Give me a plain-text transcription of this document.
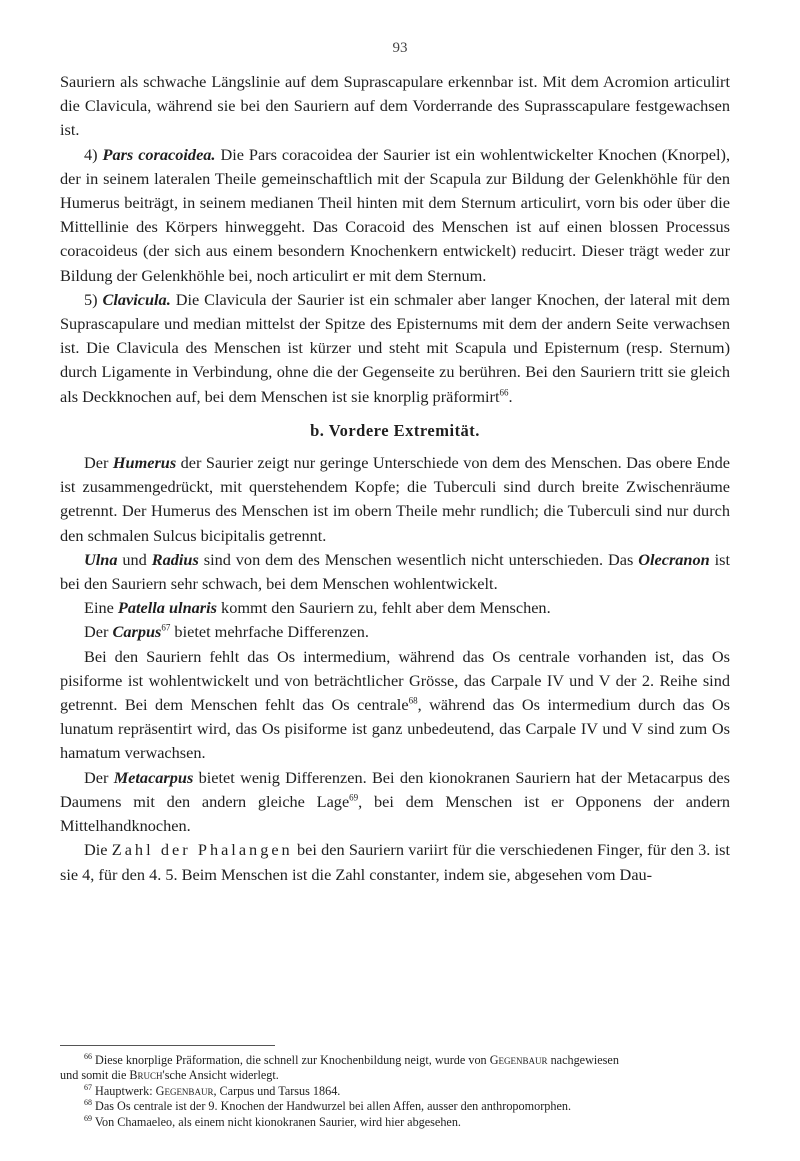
93

Sauriern als schwache Längslinie auf dem Suprascapulare erkennbar ist. Mit dem Acromion articulirt die Clavicula, während sie bei den Sauriern auf dem Vorderrande des Suprasscapulare festgewachsen ist.

4) Pars coracoidea. Die Pars coracoidea der Saurier ist ein wohlentwickelter Knochen (Knorpel), der in seinem lateralen Theile gemeinschaftlich mit der Scapula zur Bildung der Gelenkhöhle für den Humerus beiträgt, in seinem medianen Theil hinten mit dem Sternum articulirt, vorn bis oder über die Mittellinie des Körpers hinweggeht. Das Coracoid des Menschen ist auf einen blossen Processus coracoideus (der sich aus einem besondern Knochenkern entwickelt) reducirt. Dieser trägt weder zur Bildung der Gelenkhöhle bei, noch articulirt er mit dem Sternum.

5) Clavicula. Die Clavicula der Saurier ist ein schmaler aber langer Knochen, der lateral mit dem Suprascapulare und median mittelst der Spitze des Episternums mit dem der andern Seite verwachsen ist. Die Clavicula des Menschen ist kürzer und steht mit Scapula und Episternum (resp. Sternum) durch Ligamente in Verbindung, ohne die der Gegenseite zu berühren. Bei den Sauriern tritt sie gleich als Deckknochen auf, bei dem Menschen ist sie knorplig präformirt$^{66}$.

b. Vordere Extremität.

Der Humerus der Saurier zeigt nur geringe Unterschiede von dem des Menschen. Das obere Ende ist zusammengedrückt, mit querstehendem Kopfe; die Tuberculi sind durch breite Zwischenräume getrennt. Der Humerus des Menschen ist im obern Theile mehr rundlich; die Tuberculi sind nur durch den schmalen Sulcus bicipitalis getrennt.

Ulna und Radius sind von dem des Menschen wesentlich nicht unterschieden. Das Olecranon ist bei den Sauriern sehr schwach, bei dem Menschen wohlentwickelt.

Eine Patella ulnaris kommt den Sauriern zu, fehlt aber dem Menschen.

Der Carpus$^{67}$ bietet mehrfache Differenzen.

Bei den Sauriern fehlt das Os intermedium, während das Os centrale vorhanden ist, das Os pisiforme ist wohlentwickelt und von beträchtlicher Grösse, das Carpale IV und V der 2. Reihe sind getrennt. Bei dem Menschen fehlt das Os centrale$^{68}$, während das Os intermedium durch das Os lunatum repräsentirt wird, das Os pisiforme ist ganz unbedeutend, das Carpale IV und V sind zum Os hamatum verwachsen.

Der Metacarpus bietet wenig Differenzen. Bei den kionokranen Sauriern hat der Metacarpus des Daumens mit den andern gleiche Lage$^{69}$, bei dem Menschen ist er Opponens der andern Mittelhandknochen.

Die Zahl der Phalangen bei den Sauriern variirt für die verschiedenen Finger, für den 3. ist sie 4, für den 4. 5. Beim Menschen ist die Zahl constanter, indem sie, abgesehen vom Dau-

$^{66}$ Diese knorplige Präformation, die schnell zur Knochenbildung neigt, wurde von Gegenbaur nachgewiesen

und somit die Bruch'sche Ansicht widerlegt.

$^{67}$ Hauptwerk: Gegenbaur, Carpus und Tarsus 1864.

$^{68}$ Das Os centrale ist der 9. Knochen der Handwurzel bei allen Affen, ausser den anthropomorphen.

$^{69}$ Von Chamaeleo, als einem nicht kionokranen Saurier, wird hier abgesehen.
